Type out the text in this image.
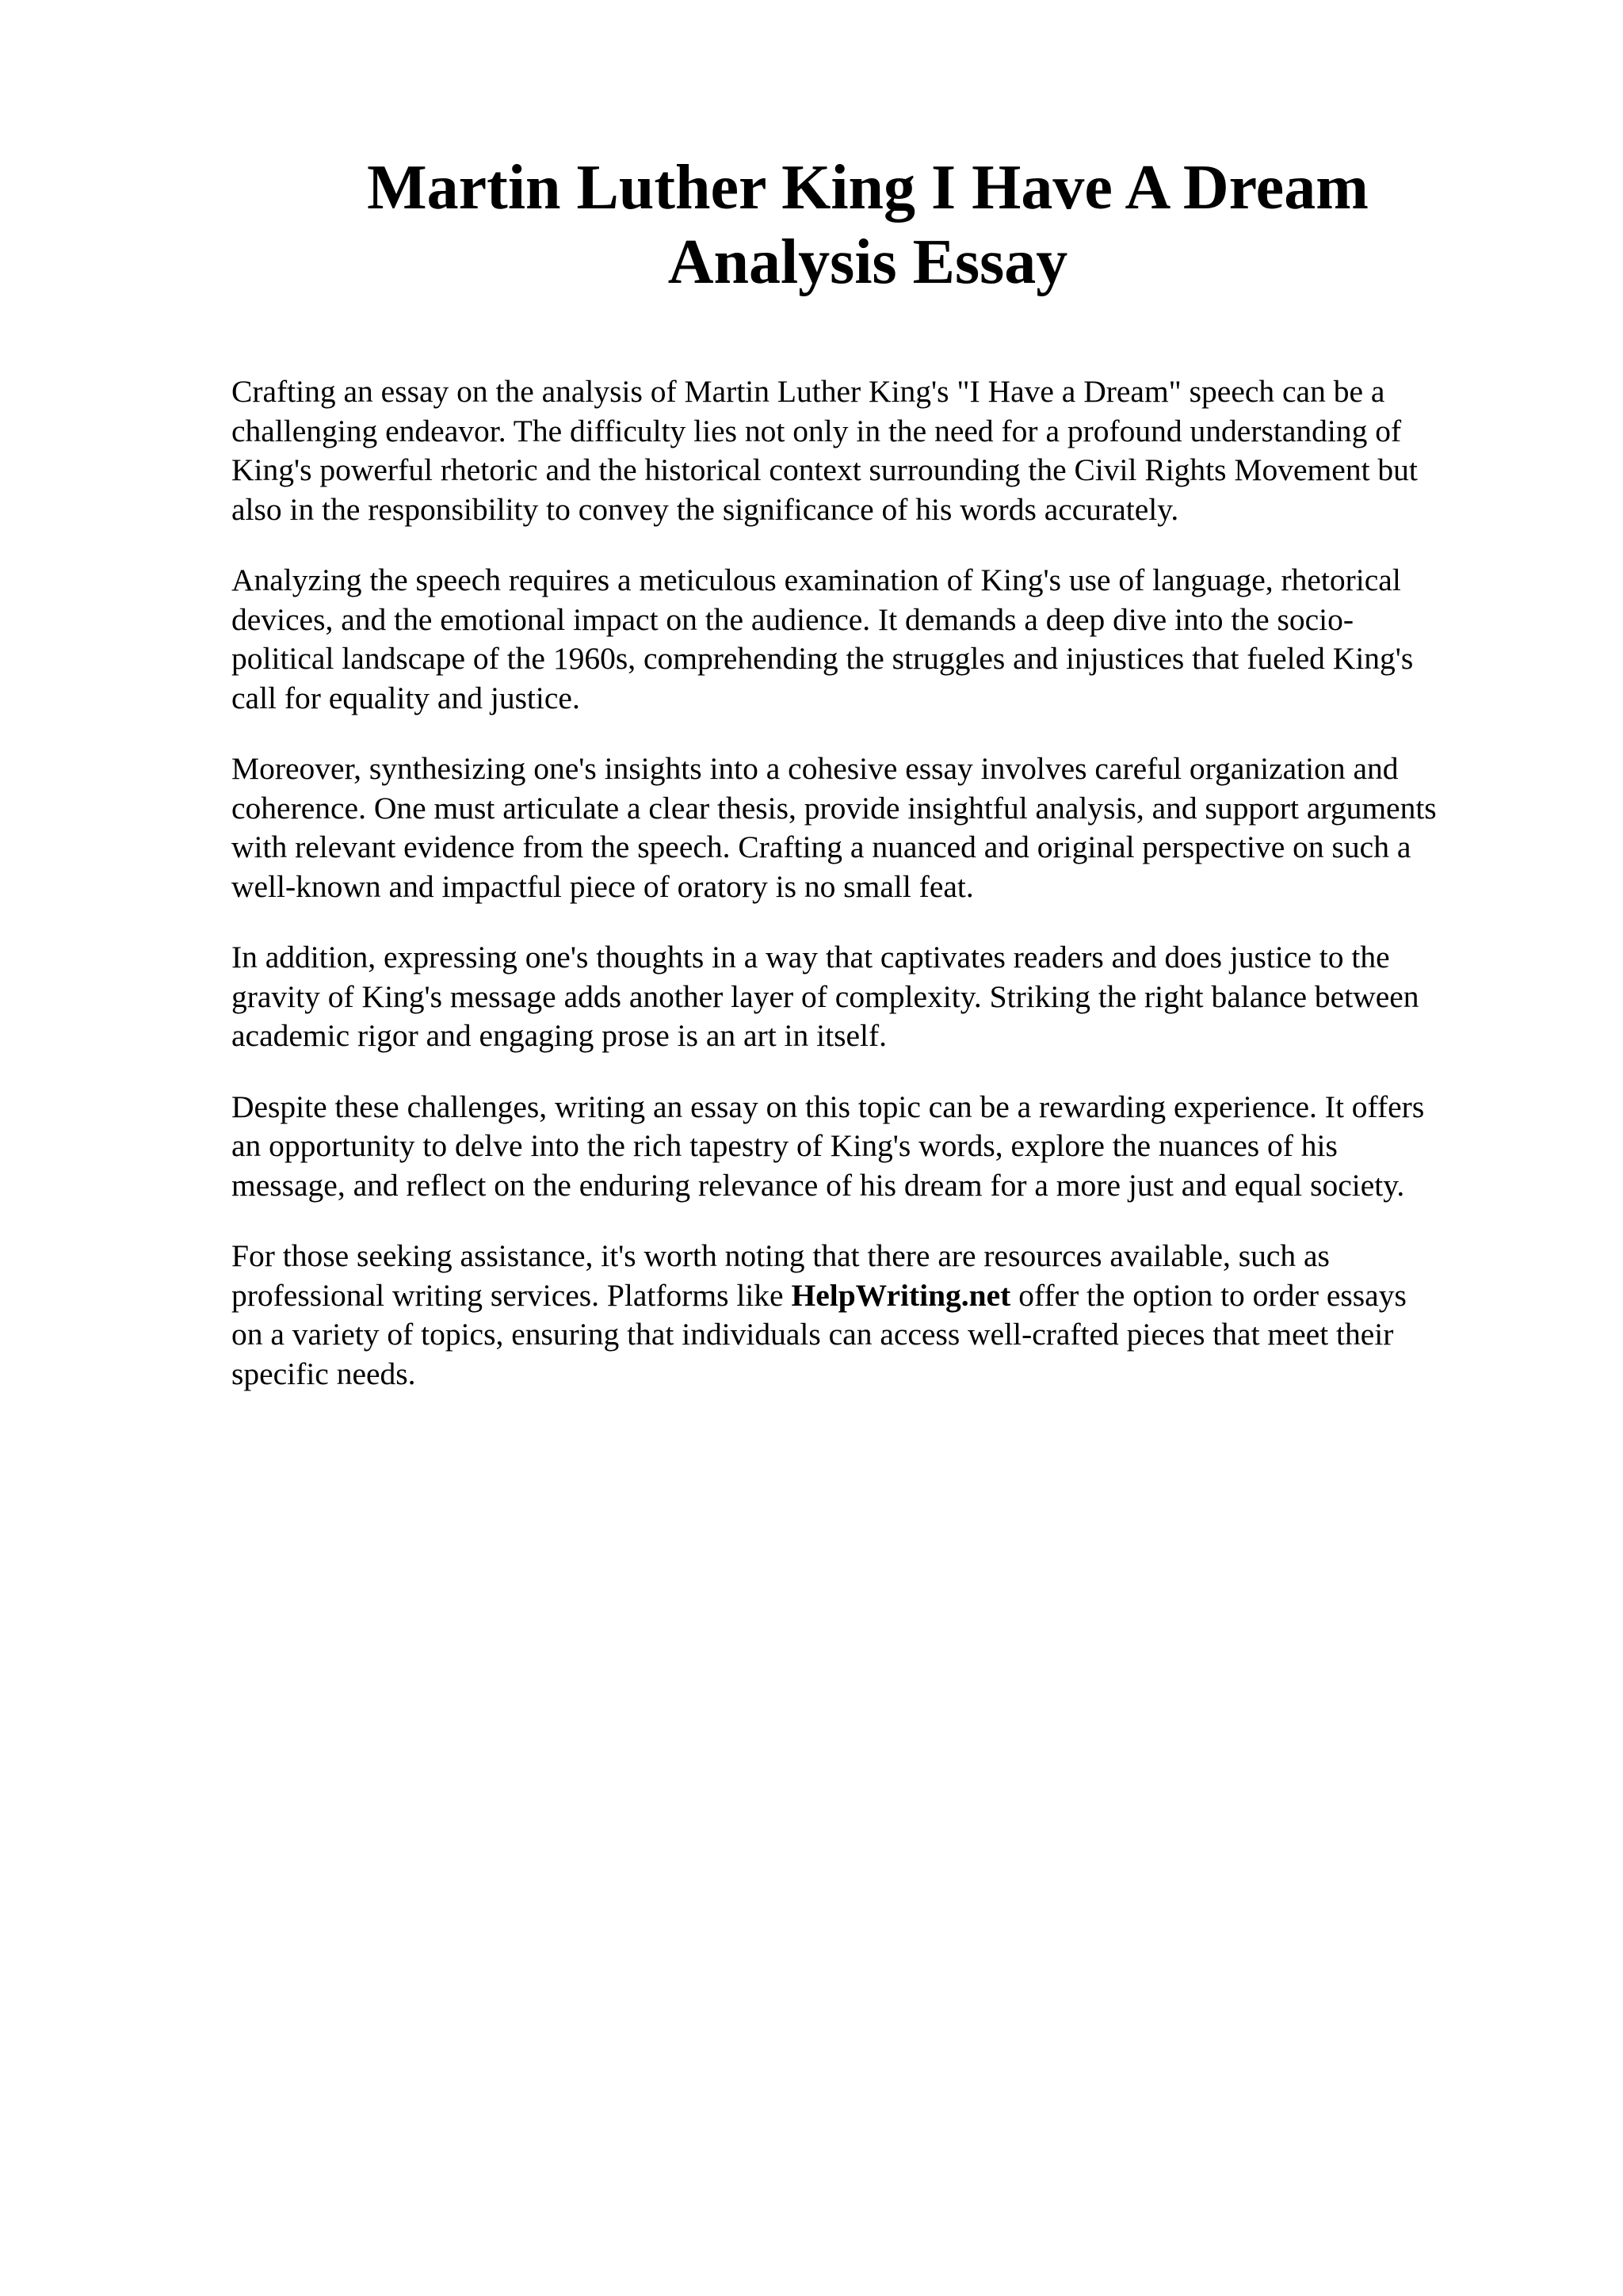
Martin Luther King I Have A Dream
Analysis Essay

Crafting an essay on the analysis of Martin Luther King's "I Have a Dream" speech can be a
challenging endeavor. The difficulty lies not only in the need for a profound understanding of
King's powerful rhetoric and the historical context surrounding the Civil Rights Movement but
also in the responsibility to convey the significance of his words accurately.

Analyzing the speech requires a meticulous examination of King's use of language, rhetorical
devices, and the emotional impact on the audience. It demands a deep dive into the socio-
political landscape of the 1960s, comprehending the struggles and injustices that fueled King's
call for equality and justice.

Moreover, synthesizing one's insights into a cohesive essay involves careful organization and
coherence. One must articulate a clear thesis, provide insightful analysis, and support arguments
with relevant evidence from the speech. Crafting a nuanced and original perspective on such a
well-known and impactful piece of oratory is no small feat.

In addition, expressing one's thoughts in a way that captivates readers and does justice to the
gravity of King's message adds another layer of complexity. Striking the right balance between
academic rigor and engaging prose is an art in itself.

Despite these challenges, writing an essay on this topic can be a rewarding experience. It offers
an opportunity to delve into the rich tapestry of King's words, explore the nuances of his
message, and reflect on the enduring relevance of his dream for a more just and equal society.

For those seeking assistance, it's worth noting that there are resources available, such as
professional writing services. Platforms like HelpWriting.net offer the option to order essays
on a variety of topics, ensuring that individuals can access well-crafted pieces that meet their
specific needs.
